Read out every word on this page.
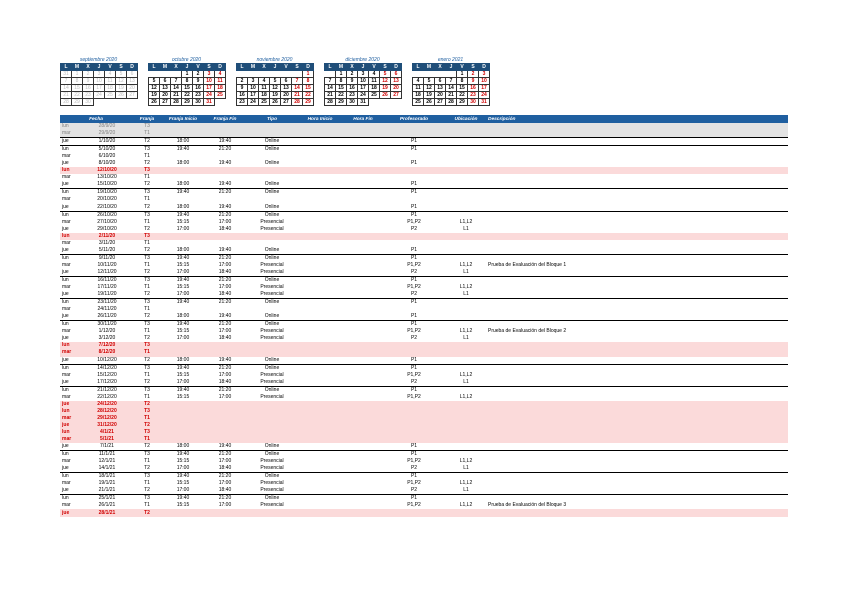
septiembre 2020
L	M	X	J	V	S	D
31	1	2	3	4	5	6
7	8	9	10	11	12	13
14	15	16	17	18	19	20
21	22	23	24	25	26	27
28	29	30				
octubre 2020
L	M	X	J	V	S	D
			1	2	3	4
5	6	7	8	9	10	11
12	13	14	15	16	17	18
19	20	21	22	23	24	25
26	27	28	29	30	31	
noviembre 2020
L	M	X	J	V	S	D
						1
2	3	4	5	6	7	8
9	10	11	12	13	14	15
16	17	18	19	20	21	22
23	24	25	26	27	28	29
diciembre 2020
L	M	X	J	V	S	D
	1	2	3	4	5	6
7	8	9	10	11	12	13
14	15	16	17	18	19	20
21	22	23	24	25	26	27
28	29	30	31			
enero 2021
L	M	X	J	V	S	D
				1	2	3
4	5	6	7	8	9	10
11	12	13	14	15	16	17
18	19	20	21	22	23	24
25	26	27	28	29	30	31
Fecha		Franja	Franja Inicio	Franja Fin	Tipo	Hora Inicio	Hora Fin	Profesorado	Ubicación	Descripción
lun	28/9/20	T3								
mar	29/9/20	T1								
jue	1/10/20	T2	18:00	19:40	Online			P1		
lun	5/10/20	T3	19:40	21:20	Online			P1		
mar	6/10/20	T1								
jue	8/10/20	T2	18:00	19:40	Online			P1		
lun	12/10/20	T3								
mar	13/10/20	T1								
jue	15/10/20	T2	18:00	19:40	Online			P1		
lun	19/10/20	T3	19:40	21:20	Online			P1		
mar	20/10/20	T1								
jue	22/10/20	T2	18:00	19:40	Online			P1		
lun	26/10/20	T3	19:40	21:20	Online			P1		
mar	27/10/20	T1	15:15	17:00	Presencial			P1,P2	L1,L2	
jue	29/10/20	T2	17:00	18:40	Presencial			P2	L1	
lun	2/11/20	T3								
mar	3/11/20	T1								
jue	5/11/20	T2	18:00	19:40	Online			P1		
lun	9/11/20	T3	19:40	21:20	Online			P1		
mar	10/11/20	T1	15:15	17:00	Presencial			P1,P2	L1,L2	Prueba de Evaluación del Bloque 1
jue	12/11/20	T2	17:00	18:40	Presencial			P2	L1	
lun	16/11/20	T3	19:40	21:20	Online			P1		
mar	17/11/20	T1	15:15	17:00	Presencial			P1,P2	L1,L2	
jue	19/11/20	T2	17:00	18:40	Presencial			P2	L1	
lun	23/11/20	T3	19:40	21:20	Online			P1		
mar	24/11/20	T1								
jue	26/11/20	T2	18:00	19:40	Online			P1		
lun	30/11/20	T3	19:40	21:20	Online			P1		
mar	1/12/20	T1	15:15	17:00	Presencial			P1,P2	L1,L2	Prueba de Evaluación del Bloque 2
jue	3/12/20	T2	17:00	18:40	Presencial			P2	L1	
lun	7/12/20	T3								
mar	8/12/20	T1								
jue	10/12/20	T2	18:00	19:40	Online			P1		
lun	14/12/20	T3	19:40	21:20	Online			P1		
mar	15/12/20	T1	15:15	17:00	Presencial			P1,P2	L1,L2	
jue	17/12/20	T2	17:00	18:40	Presencial			P2	L1	
lun	21/12/20	T3	19:40	21:20	Online			P1		
mar	22/12/20	T1	15:15	17:00	Presencial			P1,P2	L1,L2	
jue	24/12/20	T2								
lun	28/12/20	T3								
mar	29/12/20	T1								
jue	31/12/20	T2								
lun	4/1/21	T3								
mar	5/1/21	T1								
jue	7/1/21	T2	18:00	19:40	Online			P1		
lun	11/1/21	T3	19:40	21:20	Online			P1		
mar	12/1/21	T1	15:15	17:00	Presencial			P1,P2	L1,L2	
jue	14/1/21	T2	17:00	18:40	Presencial			P2	L1	
lun	18/1/21	T3	19:40	21:20	Online			P1		
mar	19/1/21	T1	15:15	17:00	Presencial			P1,P2	L1,L2	
jue	21/1/21	T2	17:00	18:40	Presencial			P2	L1	
lun	25/1/21	T3	19:40	21:20	Online			P1		
mar	26/1/21	T1	15:15	17:00	Presencial			P1,P2	L1,L2	Prueba de Evaluación del Bloque 3
jue	28/1/21	T2								
